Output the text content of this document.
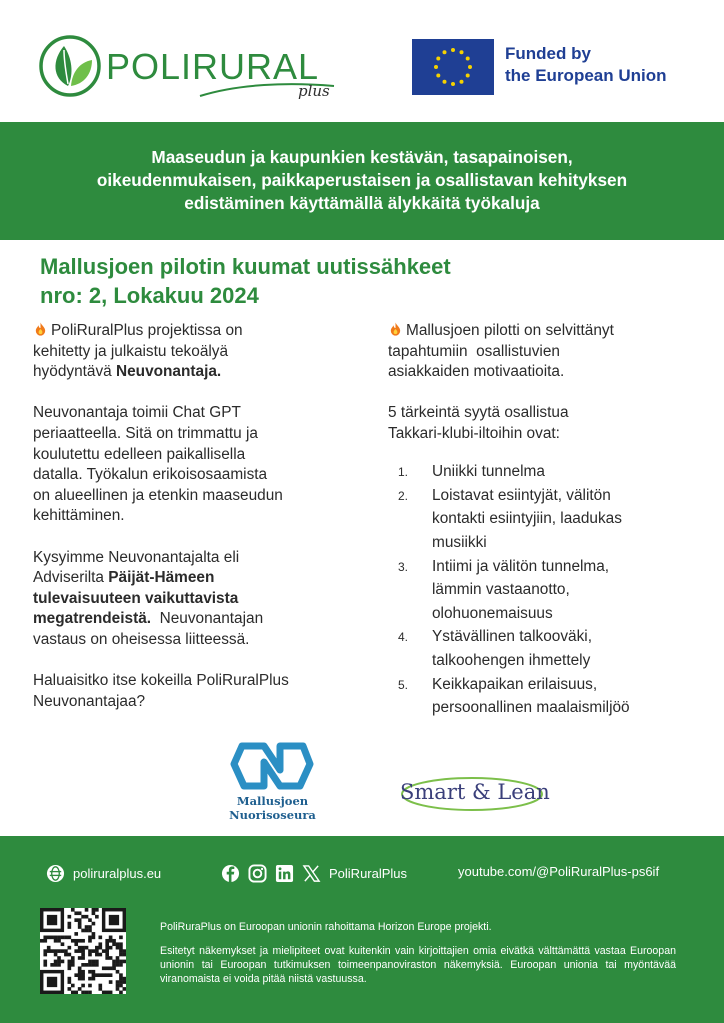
POLIRURAL
plus
Funded by
the European Union
Maaseudun ja kaupunkien kestävän, tasapainoisen,
oikeudenmukaisen, paikkaperustaisen ja osallistavan kehityksen
edistäminen käyttämällä älykkäitä työkaluja
Mallusjoen pilotin kuumat uutissähkeet
nro: 2, Lokakuu 2024
PoliRuralPlus projektissa on
kehitetty ja julkaistu tekoälyä
hyödyntävä Neuvonantaja.
Neuvonantaja toimii Chat GPT
periaatteella. Sitä on trimmattu ja
koulutettu edelleen paikallisella
datalla. Työkalun erikoisosaamista
on alueellinen ja etenkin maaseudun
kehittäminen.
Kysyimme Neuvonantajalta eli
Adviserilta Päijät-Hämeen
tulevaisuuteen vaikuttavista
megatrendeistä.  Neuvonantajan
vastaus on oheisessa liitteessä.
Haluaisitko itse kokeilla PoliRuralPlus
Neuvonantajaa?
Mallusjoen pilotti on selvittänyt
tapahtumiin  osallistuvien
asiakkaiden motivaatioita.
5 tärkeintä syytä osallistua
Takkari-klubi-iltoihin ovat:
1. Uniikki tunnelma
2. Loistavat esiintyjät, välitön
kontakti esiintyjiin, laadukas
musiikki
3. Intiimi ja välitön tunnelma,
lämmin vastaanotto,
olohuonemaisuus
4. Ystävällinen talkooväki,
talkoohengen ihmettely
5. Keikkapaikan erilaisuus,
persoonallinen maalaismiljöö
Mallusjoen
Nuorisoseura
Smart & Lean
poliruralplus.eu	PoliRuralPlus	youtube.com/@PoliRuralPlus-ps6if
PoliRuraPlus on Euroopan unionin rahoittama Horizon Europe projekti.
Esitetyt näkemykset ja mielipiteet ovat kuitenkin vain kirjoittajien omia eivätkä välttämättä vastaa Euroopan unionin tai Euroopan tutkimuksen toimeenpanoviraston näkemyksiä. Euroopan unionia tai myöntävää viranomaista ei voida pitää niistä vastuussa.
